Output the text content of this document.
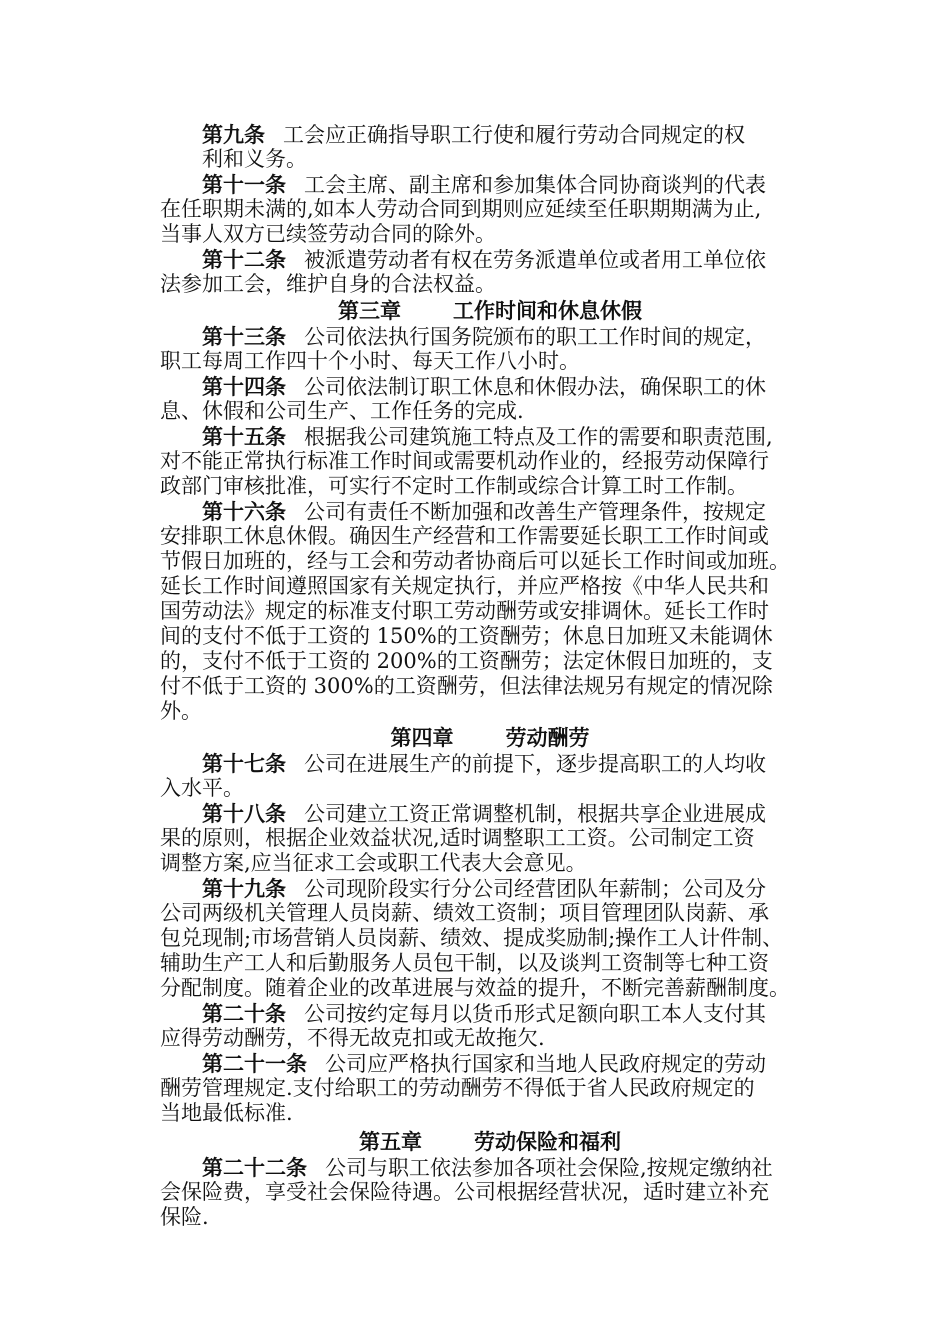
第九条 工会应正确指导职工行使和履行劳动合同规定的权
利和义务。
第十一条 工会主席、副主席和参加集体合同协商谈判的代表
在任职期未满的,如本人劳动合同到期则应延续至任职期期满为止,
当事人双方已续签劳动合同的除外。
第十二条 被派遣劳动者有权在劳务派遣单位或者用工单位依
法参加工会，维护自身的合法权益。
第三章 工作时间和休息休假
第十三条 公司依法执行国务院颁布的职工工作时间的规定，
职工每周工作四十个小时、每天工作八小时。
第十四条 公司依法制订职工休息和休假办法，确保职工的休
息、休假和公司生产、工作任务的完成.
第十五条 根据我公司建筑施工特点及工作的需要和职责范围,
对不能正常执行标准工作时间或需要机动作业的，经报劳动保障行
政部门审核批准，可实行不定时工作制或综合计算工时工作制。
第十六条 公司有责任不断加强和改善生产管理条件，按规定
安排职工休息休假。确因生产经营和工作需要延长职工工作时间或
节假日加班的，经与工会和劳动者协商后可以延长工作时间或加班。
延长工作时间遵照国家有关规定执行，并应严格按《中华人民共和
国劳动法》规定的标准支付职工劳动酬劳或安排调休。延长工作时
间的支付不低于工资的 150%的工资酬劳；休息日加班又未能调休
的，支付不低于工资的 200%的工资酬劳；法定休假日加班的，支
付不低于工资的 300%的工资酬劳，但法律法规另有规定的情况除
外。
第四章 劳动酬劳
第十七条 公司在进展生产的前提下，逐步提高职工的人均收
入水平。
第十八条 公司建立工资正常调整机制，根据共享企业进展成
果的原则，根据企业效益状况,适时调整职工工资。公司制定工资
调整方案,应当征求工会或职工代表大会意见。
第十九条 公司现阶段实行分公司经营团队年薪制；公司及分
公司两级机关管理人员岗薪、绩效工资制；项目管理团队岗薪、承
包兑现制;市场营销人员岗薪、绩效、提成奖励制;操作工人计件制、
辅助生产工人和后勤服务人员包干制，以及谈判工资制等七种工资
分配制度。随着企业的改革进展与效益的提升，不断完善薪酬制度。
第二十条 公司按约定每月以货币形式足额向职工本人支付其
应得劳动酬劳，不得无故克扣或无故拖欠.
第二十一条 公司应严格执行国家和当地人民政府规定的劳动
酬劳管理规定.支付给职工的劳动酬劳不得低于省人民政府规定的
当地最低标准.
第五章 劳动保险和福利
第二十二条 公司与职工依法参加各项社会保险,按规定缴纳社
会保险费，享受社会保险待遇。公司根据经营状况，适时建立补充
保险.
